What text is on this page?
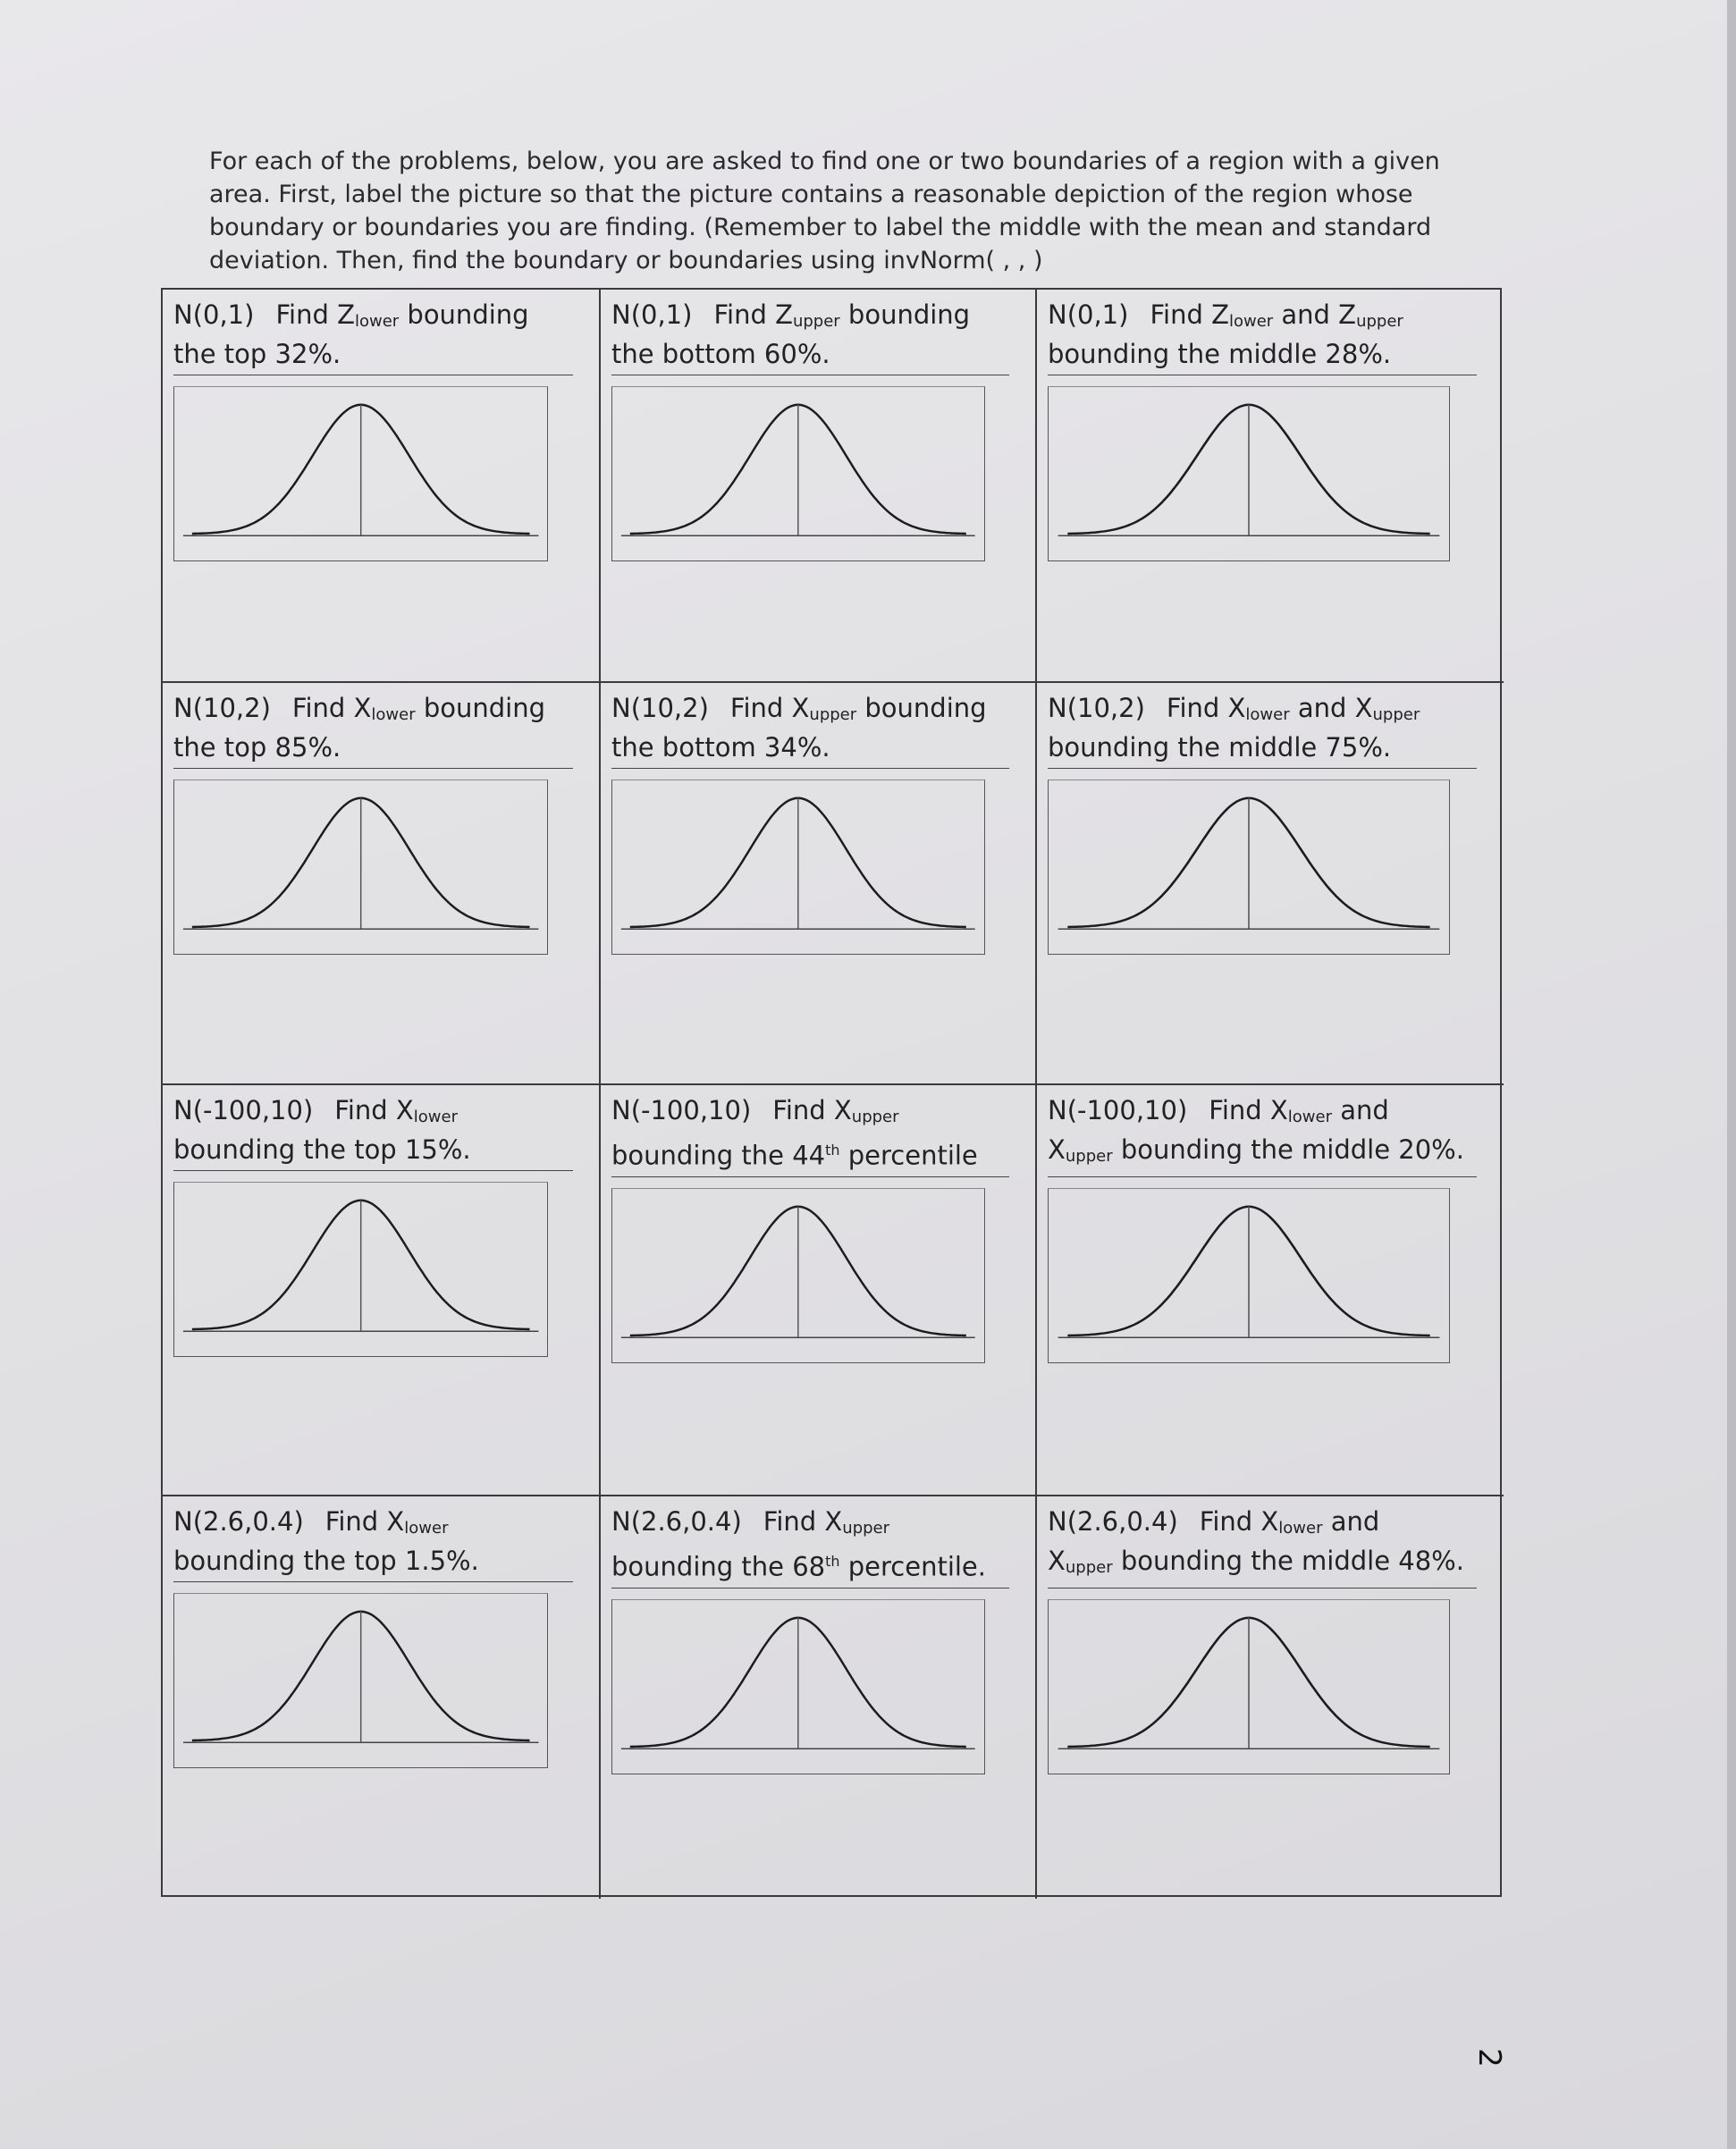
For each of the problems, below, you are asked to find one or two boundaries of a region with a given

area. First, label the picture so that the picture contains a reasonable depiction of the region whose

boundary or boundaries you are finding. (Remember to label the middle with the mean and standard

deviation. Then, find the boundary or boundaries using invNorm( , , )

N(0,1) Find $Z_{lower}$ bounding
the top 32%.
N(0,1) Find $Z_{upper}$ bounding
the bottom 60%.
N(0,1) Find $Z_{lower}$ and $Z_{upper}$
bounding the middle 28%.
N(10,2) Find $X_{lower}$ bounding
the top 85%.
N(10,2) Find $X_{upper}$ bounding
the bottom 34%.
N(10,2) Find $X_{lower}$ and $X_{upper}$
bounding the middle 75%.
N(-100,10) Find $X_{lower}$
bounding the top 15%.
N(-100,10) Find $X_{upper}$
bounding the 44th percentile
N(-100,10) Find $X_{lower}$ and
$X_{upper}$ bounding the middle 20%.
N(2.6,0.4) Find $X_{lower}$
bounding the top 1.5%.
N(2.6,0.4) Find $X_{upper}$
bounding the 68th percentile.
N(2.6,0.4) Find $X_{lower}$ and
$X_{upper}$ bounding the middle 48%.
2
